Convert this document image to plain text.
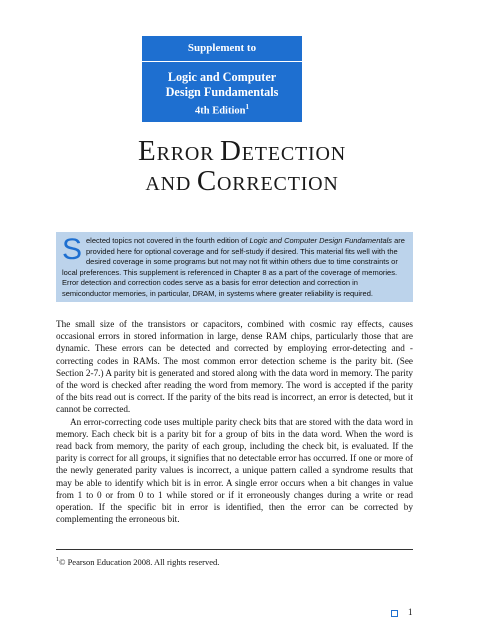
Supplement to
Logic and Computer
Design Fundamentals
4th Edition$^1$
ERROR DETECTION
AND CORRECTION
Selected topics not covered in the fourth edition of Logic and Computer Design Fundamentals are provided here for optional coverage and for self-study if desired. This material fits well with the desired coverage in some programs but not may not fit within others due to time constraints or local preferences. This supplement is referenced in Chapter 8 as a part of the coverage of memories. Error detection and correction codes serve as a basis for error detection and correction in semiconductor memories, in particular, DRAM, in systems where greater reliability is required.

The small size of the transistors or capacitors, combined with cosmic ray effects, causes occasional errors in stored information in large, dense RAM chips, particularly those that are dynamic. These errors can be detected and corrected by employing error-detecting and -correcting codes in RAMs. The most common error detection scheme is the parity bit. (See Section 2-7.) A parity bit is generated and stored along with the data word in memory. The parity of the word is checked after reading the word from memory. The word is accepted if the parity of the bits read out is correct. If the parity of the bits read is incorrect, an error is detected, but it cannot be corrected.

An error-correcting code uses multiple parity check bits that are stored with the data word in memory. Each check bit is a parity bit for a group of bits in the data word. When the word is read back from memory, the parity of each group, including the check bit, is evaluated. If the parity is correct for all groups, it signifies that no detectable error has occurred. If one or more of the newly generated parity values is incorrect, a unique pattern called a syndrome results that may be able to identify which bit is in error. A single error occurs when a bit changes in value from 1 to 0 or from 0 to 1 while stored or if it erroneously changes during a write or read operation. If the specific bit in error is identified, then the error can be corrected by complementing the erroneous bit.

$^1$© Pearson Education 2008. All rights reserved.
1
